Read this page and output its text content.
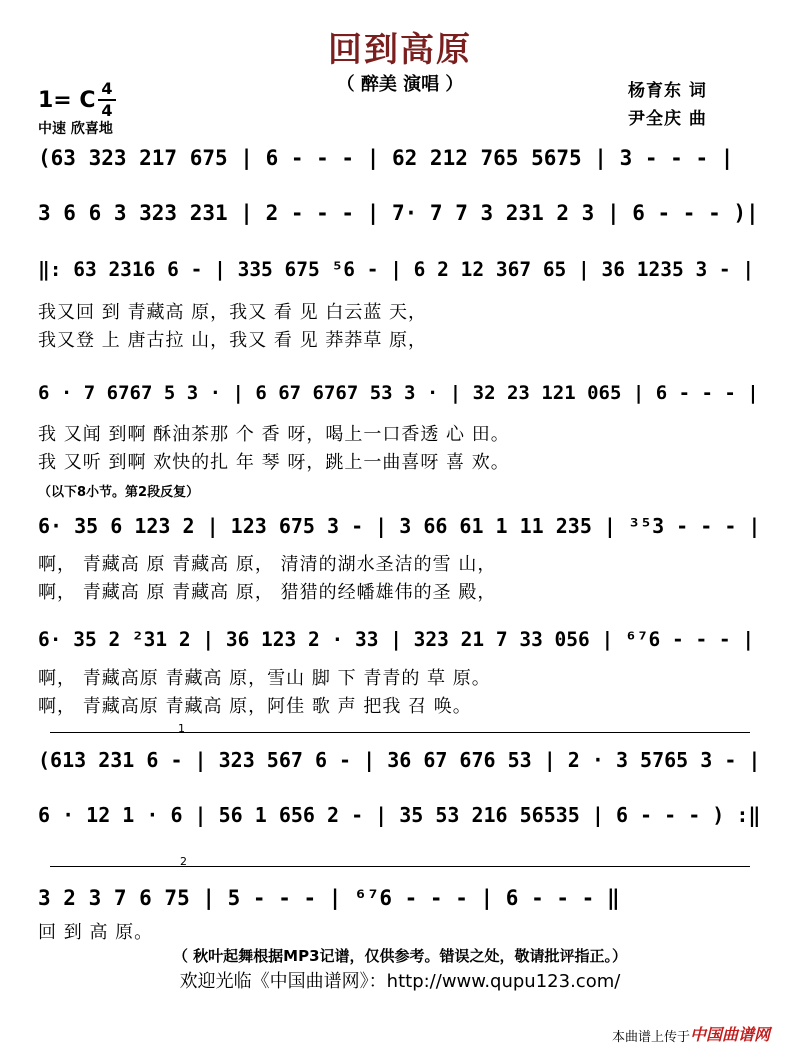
回到高原
（ 醉美 演唱 ）	杨育东 词
尹全庆 曲
1= C 4
4
中速 欣喜地
(63 323 217 675 | 6 - - - | 62 212 765 5675 | 3 - - - |
3 6 6 3 323 231 | 2 - - - | 7· 7 7 3 231 2 3 | 6 - - - )|
‖: 63 2316 6 - | 335 675 ⁵6 - | 6 2 12 367 65 | 36 1235 3 - |
我又回 到 青藏高 原，我又 看 见 白云蓝 天，
我又登 上 唐古拉 山，我又 看 见 莽莽草 原，
6 · 7 6767 5 3 · | 6 67 6767 53 3 · | 32 23 121 065 | 6 - - - |
我 又闻 到啊 酥油茶那 个 香 呀，喝上一口香透 心 田。
我 又听 到啊 欢快的扎 年 琴 呀，跳上一曲喜呀 喜 欢。
（以下8小节。第2段反复）
6· 35 6 123 2 | 123 675 3 - | 3 66 61 1 11 235 | ³⁵3 - - - |
啊， 青藏高 原 青藏高 原， 清清的湖水圣洁的雪 山，
啊， 青藏高 原 青藏高 原， 猎猎的经幡雄伟的圣 殿，
6· 35 2 ²31 2 | 36 123 2 · 33 | 323 21 7 33 056 | ⁶⁷6 - - - |
啊， 青藏高原 青藏高 原，雪山 脚 下 青青的 草 原。
啊， 青藏高原 青藏高 原，阿佳 歌 声 把我 召 唤。
1
(613 231 6 - | 323 567 6 - | 36 67 676 53 | 2 · 3 5765 3 - |
6 · 12 1 · 6 | 56 1 656 2 - | 35 53 216 56535 | 6 - - - ) :‖
2
3 2 3 7 6 75 | 5 - - - | ⁶⁷6 - - - | 6 - - - ‖
回 到 高 原。
（ 秋叶起舞根据MP3记谱，仅供参考。错误之处，敬请批评指正。）
欢迎光临《中国曲谱网》：http://www.qupu123.com/
本曲谱上传于 中国曲谱网
